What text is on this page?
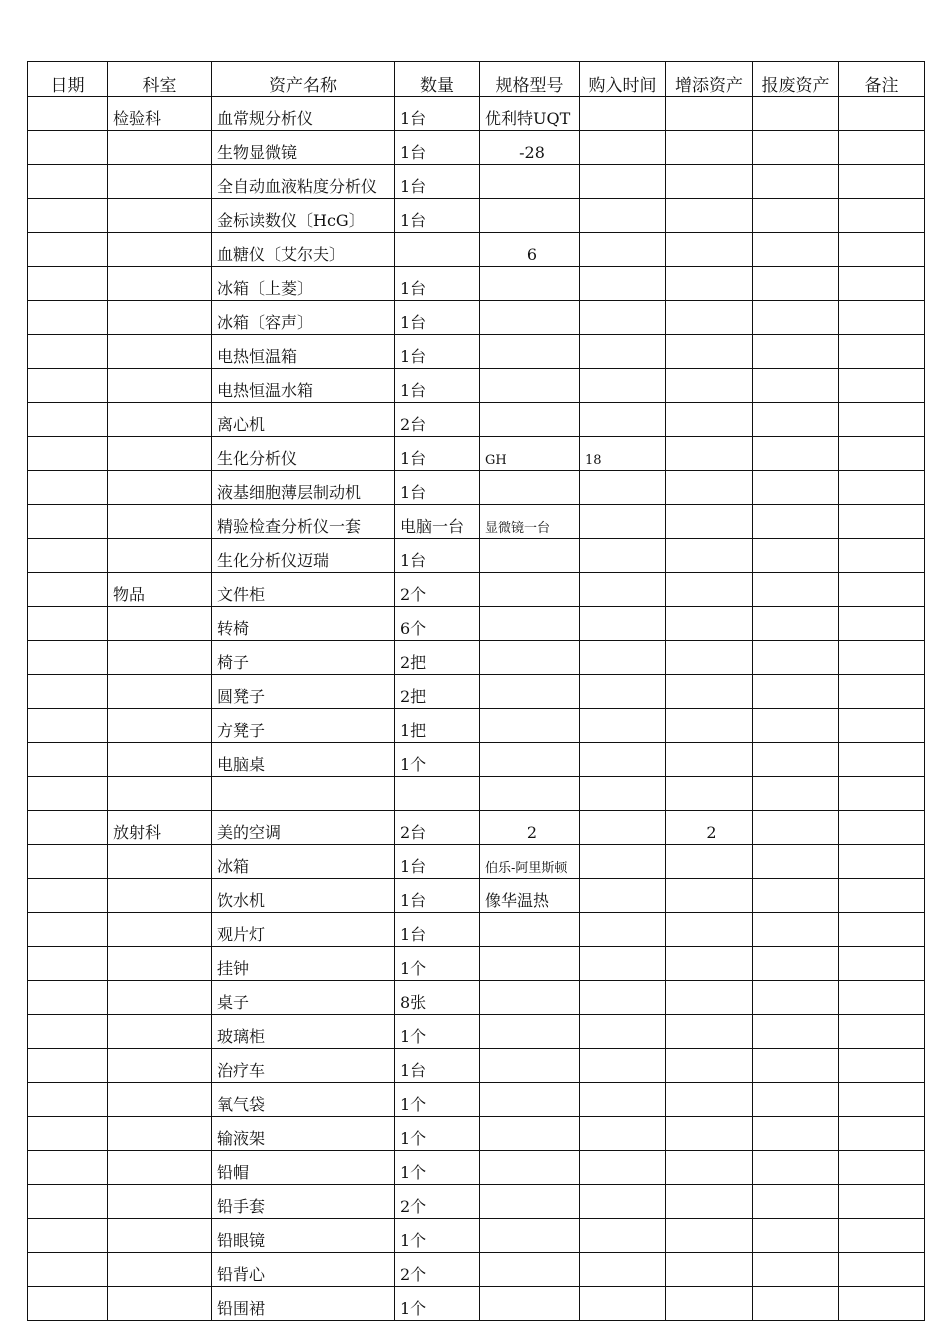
日期	科室	资产名称	数量	规格型号	购入时间	增添资产	报废资产	备注
	检验科	血常规分析仪	1台	优利特UQT				
		生物显微镜	1台	-28				
		全自动血液粘度分析仪	1台					
		金标读数仪〔HcG〕	1台					
		血糖仪〔艾尔夫〕		6				
		冰箱〔上菱〕	1台					
		冰箱〔容声〕	1台					
		电热恒温箱	1台					
		电热恒温水箱	1台					
		离心机	2台					
		生化分析仪	1台	GH	18			
		液基细胞薄层制动机	1台					
		精验检查分析仪一套	电脑一台	显微镜一台				
		生化分析仪迈瑞	1台					
	物品	文件柜	2个					
		转椅	6个					
		椅子	2把					
		圆凳子	2把					
		方凳子	1把					
		电脑桌	1个					

	放射科	美的空调	2台	2		2		
		冰箱	1台	伯乐-阿里斯顿				
		饮水机	1台	像华温热				
		观片灯	1台					
		挂钟	1个					
		桌子	8张					
		玻璃柜	1个					
		治疗车	1台					
		氧气袋	1个					
		输液架	1个					
		铅帽	1个					
		铅手套	2个					
		铅眼镜	1个					
		铅背心	2个					
		铅围裙	1个					
